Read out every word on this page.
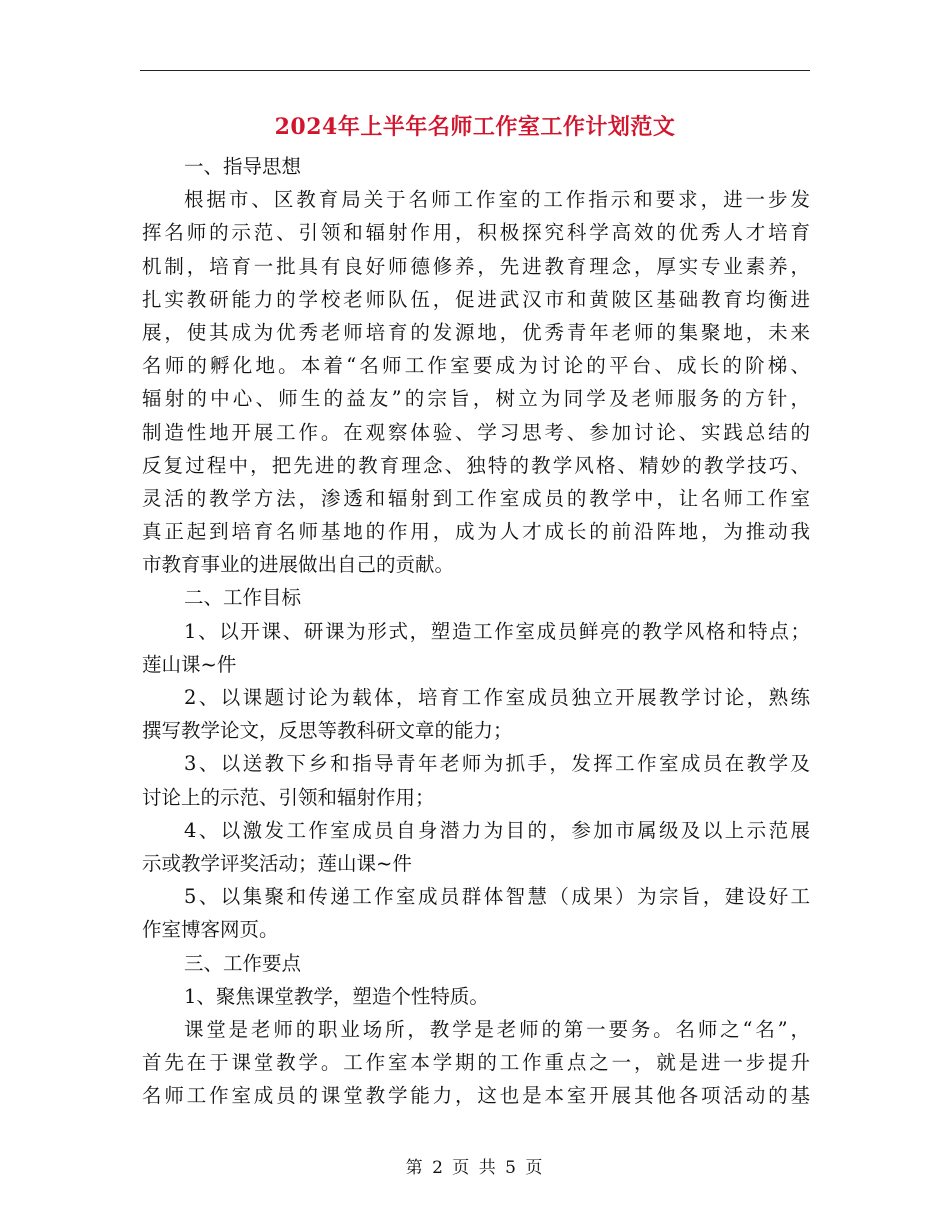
2024年上半年名师工作室工作计划范文
一、指导思想
根据市、区教育局关于名师工作室的工作指示和要求，进一步发
挥名师的示范、引领和辐射作用，积极探究科学高效的优秀人才培育
机制，培育一批具有良好师德修养，先进教育理念，厚实专业素养，
扎实教研能力的学校老师队伍，促进武汉市和黄陂区基础教育均衡进
展，使其成为优秀老师培育的发源地，优秀青年老师的集聚地，未来
名师的孵化地。本着“名师工作室要成为讨论的平台、成长的阶梯、
辐射的中心、师生的益友”的宗旨，树立为同学及老师服务的方针，
制造性地开展工作。在观察体验、学习思考、参加讨论、实践总结的
反复过程中，把先进的教育理念、独特的教学风格、精妙的教学技巧、
灵活的教学方法，渗透和辐射到工作室成员的教学中，让名师工作室
真正起到培育名师基地的作用，成为人才成长的前沿阵地，为推动我
市教育事业的进展做出自己的贡献。
二、工作目标
1、以开课、研课为形式，塑造工作室成员鲜亮的教学风格和特点；
莲山课~件
2、以课题讨论为载体，培育工作室成员独立开展教学讨论，熟练
撰写教学论文，反思等教科研文章的能力；
3、以送教下乡和指导青年老师为抓手，发挥工作室成员在教学及
讨论上的示范、引领和辐射作用；
4、以激发工作室成员自身潜力为目的，参加市属级及以上示范展
示或教学评奖活动；莲山课~件
5、以集聚和传递工作室成员群体智慧（成果）为宗旨，建设好工
作室博客网页。
三、工作要点
1、聚焦课堂教学，塑造个性特质。
课堂是老师的职业场所，教学是老师的第一要务。名师之“名”，
首先在于课堂教学。工作室本学期的工作重点之一，就是进一步提升
名师工作室成员的课堂教学能力，这也是本室开展其他各项活动的基
第 2 页 共 5 页
